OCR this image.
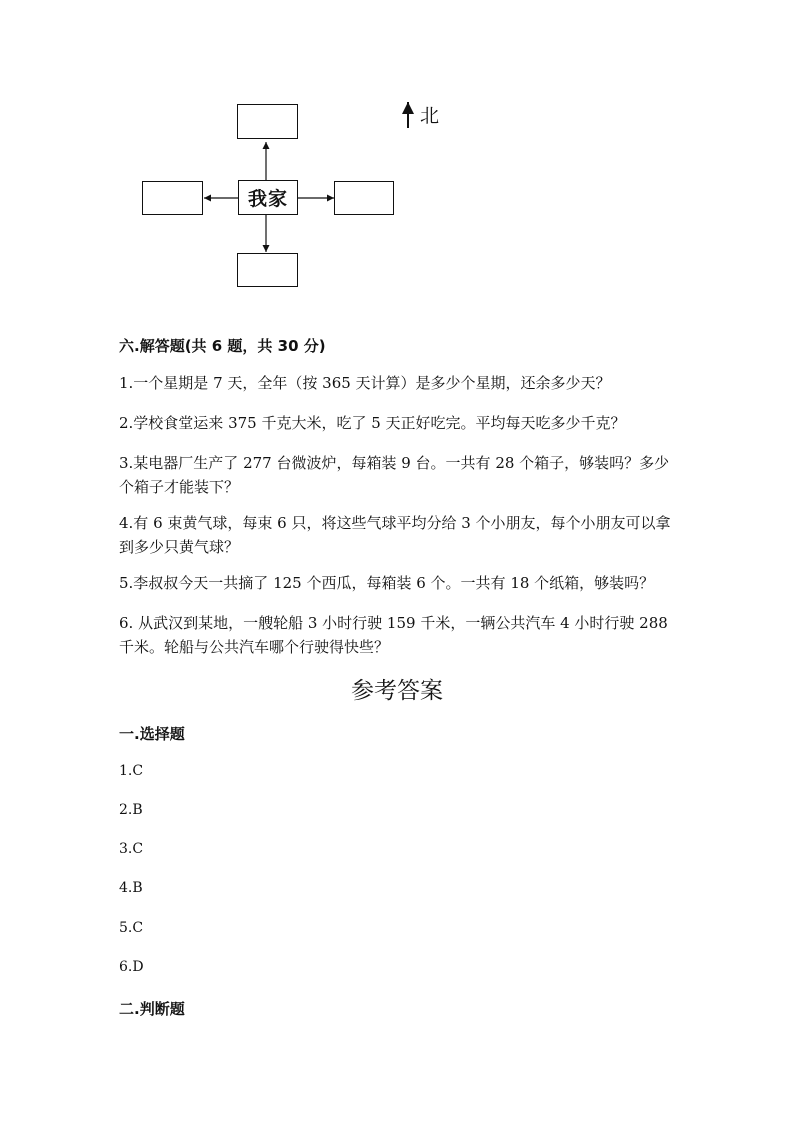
我家
北
六.解答题(共 6 题，共 30 分)
1.一个星期是 7 天，全年（按 365 天计算）是多少个星期，还余多少天？
2.学校食堂运来 375 千克大米，吃了 5 天正好吃完。平均每天吃多少千克？
3.某电器厂生产了 277 台微波炉，每箱装 9 台。一共有 28 个箱子，够装吗？多少个箱子才能装下？
4.有 6 束黄气球，每束 6 只，将这些气球平均分给 3 个小朋友，每个小朋友可以拿到多少只黄气球？
5.李叔叔今天一共摘了 125 个西瓜，每箱装 6 个。一共有 18 个纸箱，够装吗？
6. 从武汉到某地，一艘轮船 3 小时行驶 159 千米，一辆公共汽车 4 小时行驶 288 千米。轮船与公共汽车哪个行驶得快些？
参考答案
一.选择题
1.C
2.B
3.C
4.B
5.C
6.D
二.判断题
